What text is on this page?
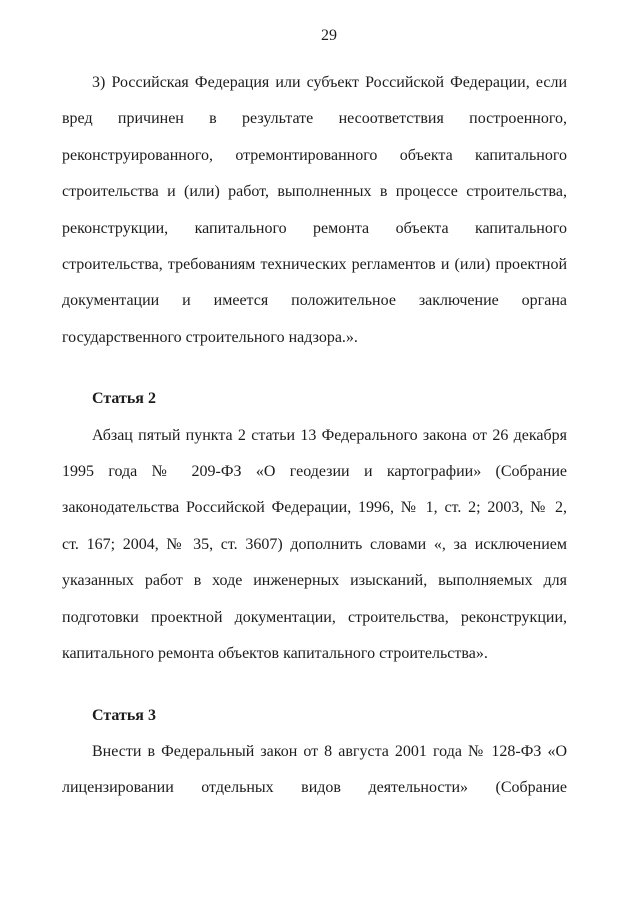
29
3) Российская Федерация или субъект Российской Федерации, если
вред причинен в результате несоответствия построенного,
реконструированного, отремонтированного объекта капитального
строительства и (или) работ, выполненных в процессе строительства,
реконструкции, капитального ремонта объекта капитального
строительства, требованиям технических регламентов и (или) проектной
документации и имеется положительное заключение органа
государственного строительного надзора.».
Статья 2
Абзац пятый пункта 2 статьи 13 Федерального закона от 26 декабря
1995 года № 209-ФЗ «О геодезии и картографии» (Собрание
законодательства Российской Федерации, 1996, № 1, ст. 2; 2003, № 2,
ст. 167; 2004, № 35, ст. 3607) дополнить словами «, за исключением
указанных работ в ходе инженерных изысканий, выполняемых для
подготовки проектной документации, строительства, реконструкции,
капитального ремонта объектов капитального строительства».
Статья 3
Внести в Федеральный закон от 8 августа 2001 года № 128-ФЗ «О
лицензировании отдельных видов деятельности» (Собрание
